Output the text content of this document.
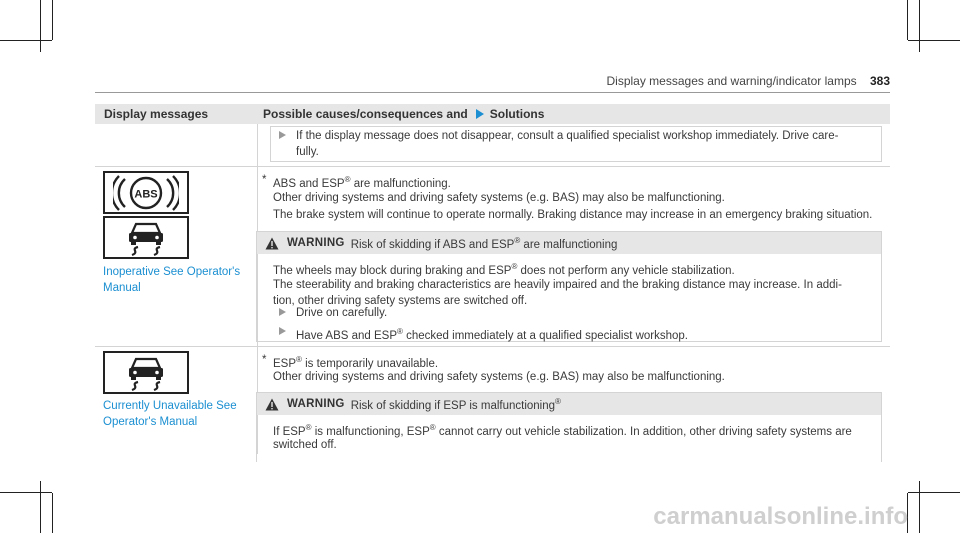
Display messages and warning/indicator lamps 383
Display messages	Possible causes/consequences and Solutions
If the display message does not disappear, consult a qualified specialist workshop immediately. Drive care-
fully.
ABS
Inoperative See Operator's
Manual
* ABS and ESP® are malfunctioning.
Other driving systems and driving safety systems (e.g. BAS) may also be malfunctioning.
The brake system will continue to operate normally. Braking distance may increase in an emergency braking situation.
WARNING Risk of skidding if ABS and ESP® are malfunctioning
The wheels may block during braking and ESP® does not perform any vehicle stabilization.
The steerability and braking characteristics are heavily impaired and the braking distance may increase. In addi-
tion, other driving safety systems are switched off.
Drive on carefully.
Have ABS and ESP® checked immediately at a qualified specialist workshop.
Currently Unavailable See
Operator's Manual
* ESP® is temporarily unavailable.
Other driving systems and driving safety systems (e.g. BAS) may also be malfunctioning.
WARNING Risk of skidding if ESP is malfunctioning®
If ESP® is malfunctioning, ESP® cannot carry out vehicle stabilization. In addition, other driving safety systems are
switched off.
carmanualsonline.info
